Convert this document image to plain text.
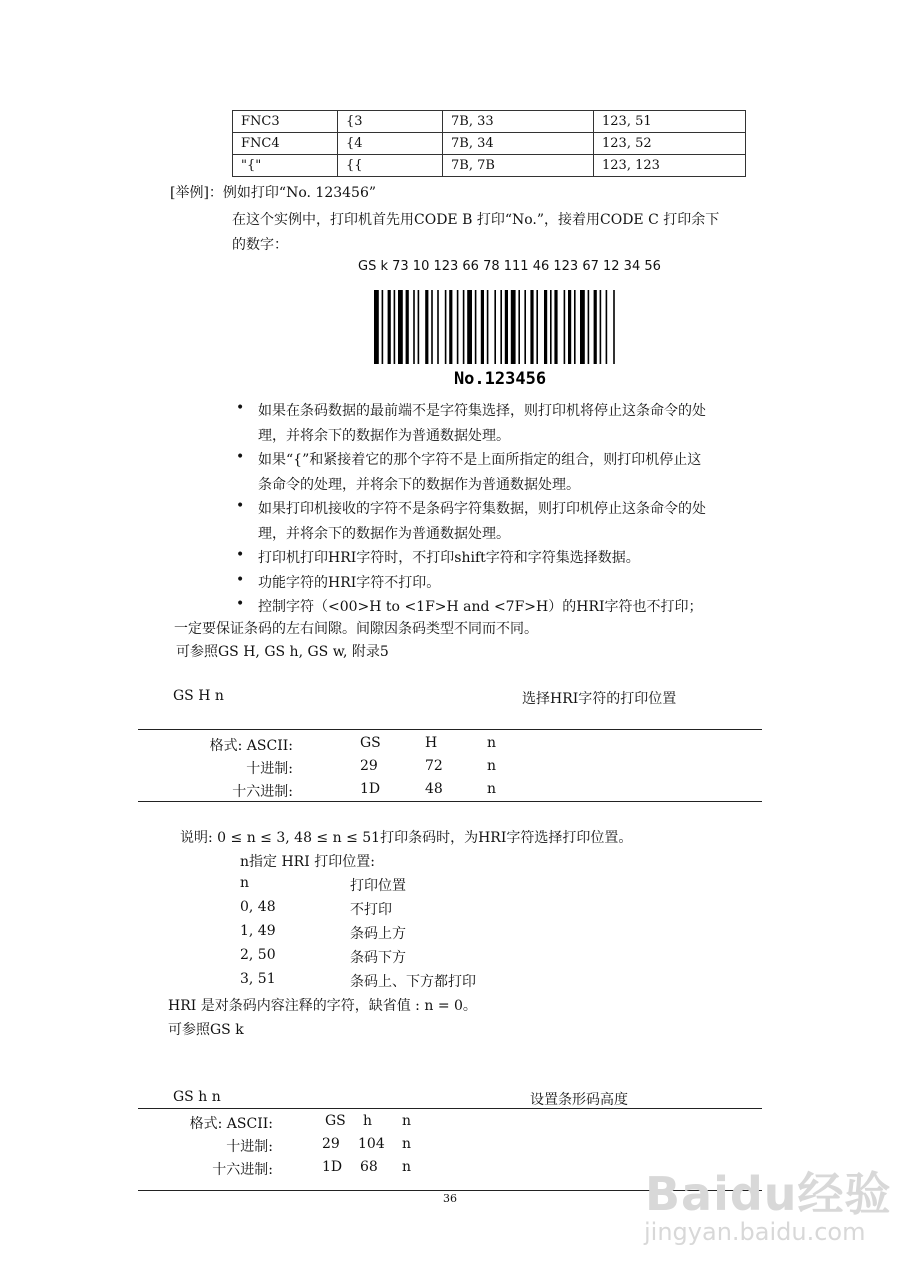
FNC3	{3	7B, 33	123, 51
FNC4	{4	7B, 34	123, 52
"{"	{{	7B, 7B	123, 123
[举例]：例如打印“No. 123456”
在这个实例中，打印机首先用CODE B 打印“No.”，接着用CODE C 打印余下
的数字：
GS k 73 10 123 66 78 111 46 123 67 12 34 56
No.123456
• 如果在条码数据的最前端不是字符集选择，则打印机将停止这条命令的处
理，并将余下的数据作为普通数据处理。
• 如果“{”和紧接着它的那个字符不是上面所指定的组合，则打印机停止这
条命令的处理，并将余下的数据作为普通数据处理。
• 如果打印机接收的字符不是条码字符集数据，则打印机停止这条命令的处
理，并将余下的数据作为普通数据处理。
• 打印机打印HRI字符时，不打印shift字符和字符集选择数据。
• 功能字符的HRI字符不打印。
• 控制字符（<00>H to <1F>H and <7F>H）的HRI字符也不打印；
一定要保证条码的左右间隙。间隙因条码类型不同而不同。
可参照GS H, GS h, GS w, 附录5
GS H n	选择HRI字符的打印位置
格式: ASCII:	GS	H	n
十进制:	29	72	n
十六进制:	1D	48	n
说明: 0 ≤ n ≤ 3, 48 ≤ n ≤ 51打印条码时，为HRI字符选择打印位置。
n指定 HRI 打印位置:
n	打印位置
0, 48	不打印
1, 49	条码上方
2, 50	条码下方
3, 51	条码上、下方都打印
HRI 是对条码内容注释的字符，缺省值 : n = 0。
可参照GS k
GS h n	设置条形码高度
格式: ASCII:	GS h n
十进制:	29 104 n
十六进制:	1D 68 n
36	Baidu经验
jingyan.baidu.com
